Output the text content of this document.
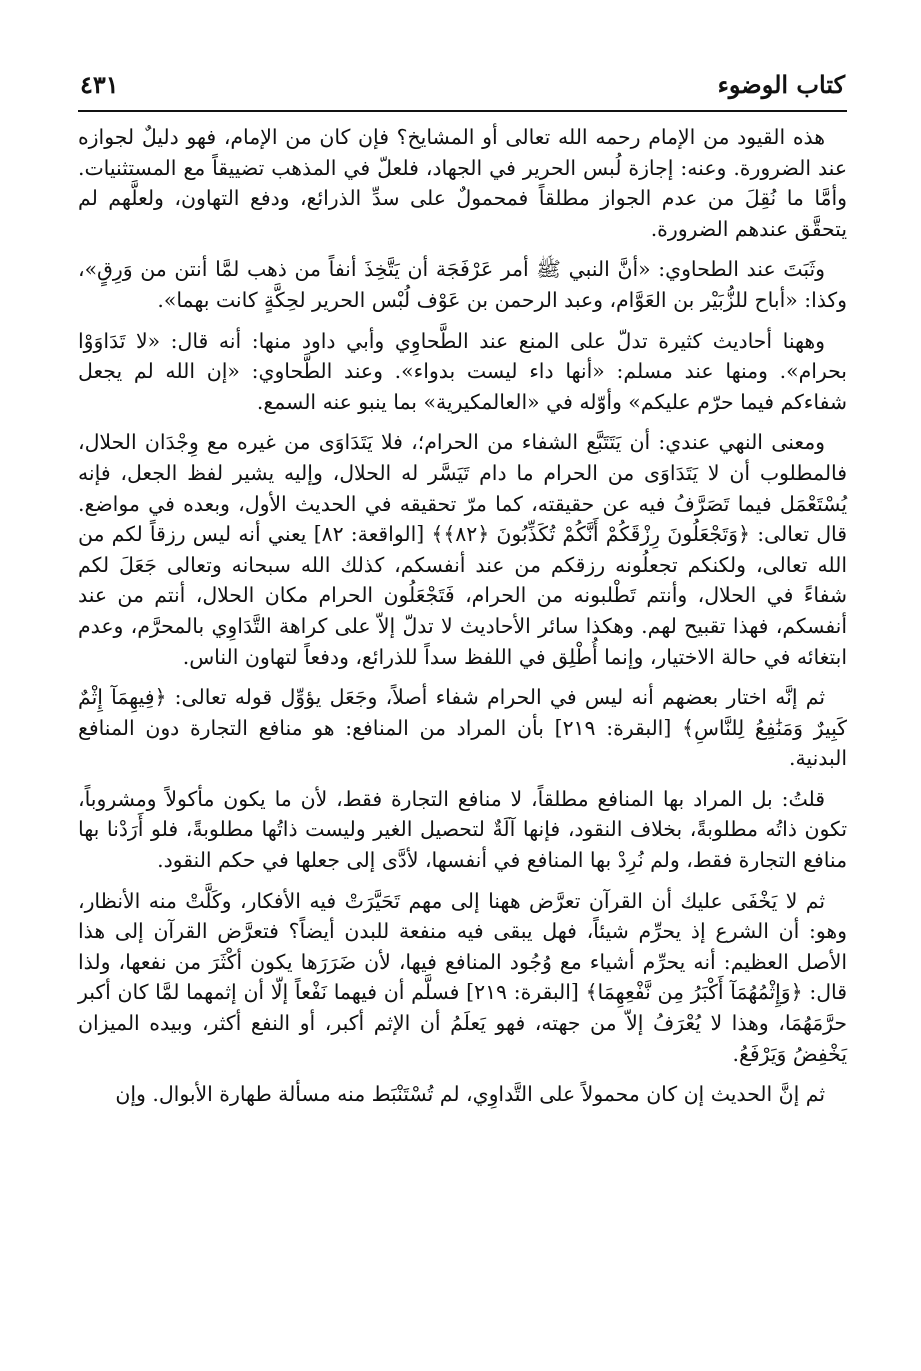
كتاب الوضوء
٤٣١

هذه القيود من الإمام رحمه الله تعالى أو المشايخ؟ فإن كان من الإمام، فهو دليلٌ لجوازه عند الضرورة. وعنه: إجازة لُبس الحرير في الجهاد، فلعلّ في المذهب تضييقاً مع المستثنيات. وأمَّا ما نُقِلَ من عدم الجواز مطلقاً فمحمولٌ على سدِّ الذرائع، ودفع التهاون، ولعلَّهم لم يتحقَّق عندهم الضرورة.

وثَبَتَ عند الطحاوي: «أنَّ النبي ﷺ أمر عَرْفَجَة أن يَتَّخِذَ أنفاً من ذهب لمَّا أنتن من وَرِقٍ»، وكذا: «أباح للزُّبَيْر بن العَوَّام، وعبد الرحمن بن عَوْف لُبْس الحرير لحِكَّةٍ كانت بهما».

وههنا أحاديث كثيرة تدلّ على المنع عند الطَّحاوِي وأبي داود منها: أنه قال: «لا تَدَاوَوْا بحرام». ومنها عند مسلم: «أنها داء ليست بدواء». وعند الطَّحاوي: «إن الله لم يجعل شفاءكم فيما حرّم عليكم» وأوّله في «العالمكيرية» بما ينبو عنه السمع.

ومعنى النهي عندي: أن يَتَتَبَّع الشفاء من الحرام؛، فلا يَتَدَاوَى من غيره مع وِجْدَان الحلال، فالمطلوب أن لا يَتَدَاوَى من الحرام ما دام تَيَسَّر له الحلال، وإليه يشير لفظ الجعل، فإنه يُسْتَعْمَل فيما تَصَرَّفُ فيه عن حقيقته، كما مرّ تحقيقه في الحديث الأول، وبعده في مواضع. قال تعالى: ﴿وَتَجْعَلُونَ رِزْقَكُمْ أَنَّكُمْ تُكَذِّبُونَ ﴿٨٢﴾﴾ [الواقعة: ٨٢] يعني أنه ليس رزقاً لكم من الله تعالى، ولكنكم تجعلُونه رزقكم من عند أنفسكم، كذلك الله سبحانه وتعالى جَعَلَ لكم شفاءً في الحلال، وأنتم تَطْلبونه من الحرام، فَتَجْعَلُون الحرام مكان الحلال، أنتم من عند أنفسكم، فهذا تقبيح لهم. وهكذا سائر الأحاديث لا تدلّ إلاّ على كراهة التَّدَاوِي بالمحرَّم، وعدم ابتغائه في حالة الاختيار، وإنما أُطْلِق في اللفظ سداً للذرائع، ودفعاً لتهاون الناس.

ثم إنَّه اختار بعضهم أنه ليس في الحرام شفاء أصلاً، وجَعَل يؤوِّل قوله تعالى: ﴿فِيهِمَآ إِثْمٌ كَبِيرٌ وَمَنَٰفِعُ لِلنَّاسِ﴾ [البقرة: ٢١٩] بأن المراد من المنافع: هو منافع التجارة دون المنافع البدنية.

قلتُ: بل المراد بها المنافع مطلقاً، لا منافع التجارة فقط، لأن ما يكون مأكولاً ومشروباً، تكون ذاتُه مطلوبةً، بخلاف النقود، فإنها آلَةٌ لتحصيل الغير وليست ذاتُها مطلوبةً، فلو أَرَدْنا بها منافع التجارة فقط، ولم نُرِدْ بها المنافع في أنفسها، لأدَّى إلى جعلها في حكم النقود.

ثم لا يَخْفَى عليك أن القرآن تعرَّض ههنا إلى مهم تَحَيَّرَتْ فيه الأفكار، وكَلَّتْ منه الأنظار، وهو: أن الشرع إذ يحرِّم شيئاً، فهل يبقى فيه منفعة للبدن أيضاً؟ فتعرَّض القرآن إلى هذا الأصل العظيم: أنه يحرِّم أشياء مع وُجُود المنافع فيها، لأن ضَرَرَها يكون أكْثَرَ من نفعها، ولذا قال: ﴿وَإِثْمُهُمَآ أَكْبَرُ مِن نَّفْعِهِمَا﴾ [البقرة: ٢١٩] فسلَّم أن فيهما نَفْعاً إلّا أن إثمهما لمَّا كان أكبر حرَّمَهُمَا، وهذا لا يُعْرَفُ إلاّ من جهته، فهو يَعلَمُ أن الإثم أكبر، أو النفع أكثر، وبيده الميزان يَخْفِضُ وَيَرْفَعُ.

ثم إنَّ الحديث إن كان محمولاً على التَّداوِي، لم تُسْتَنْبَط منه مسألة طهارة الأبوال. وإن
